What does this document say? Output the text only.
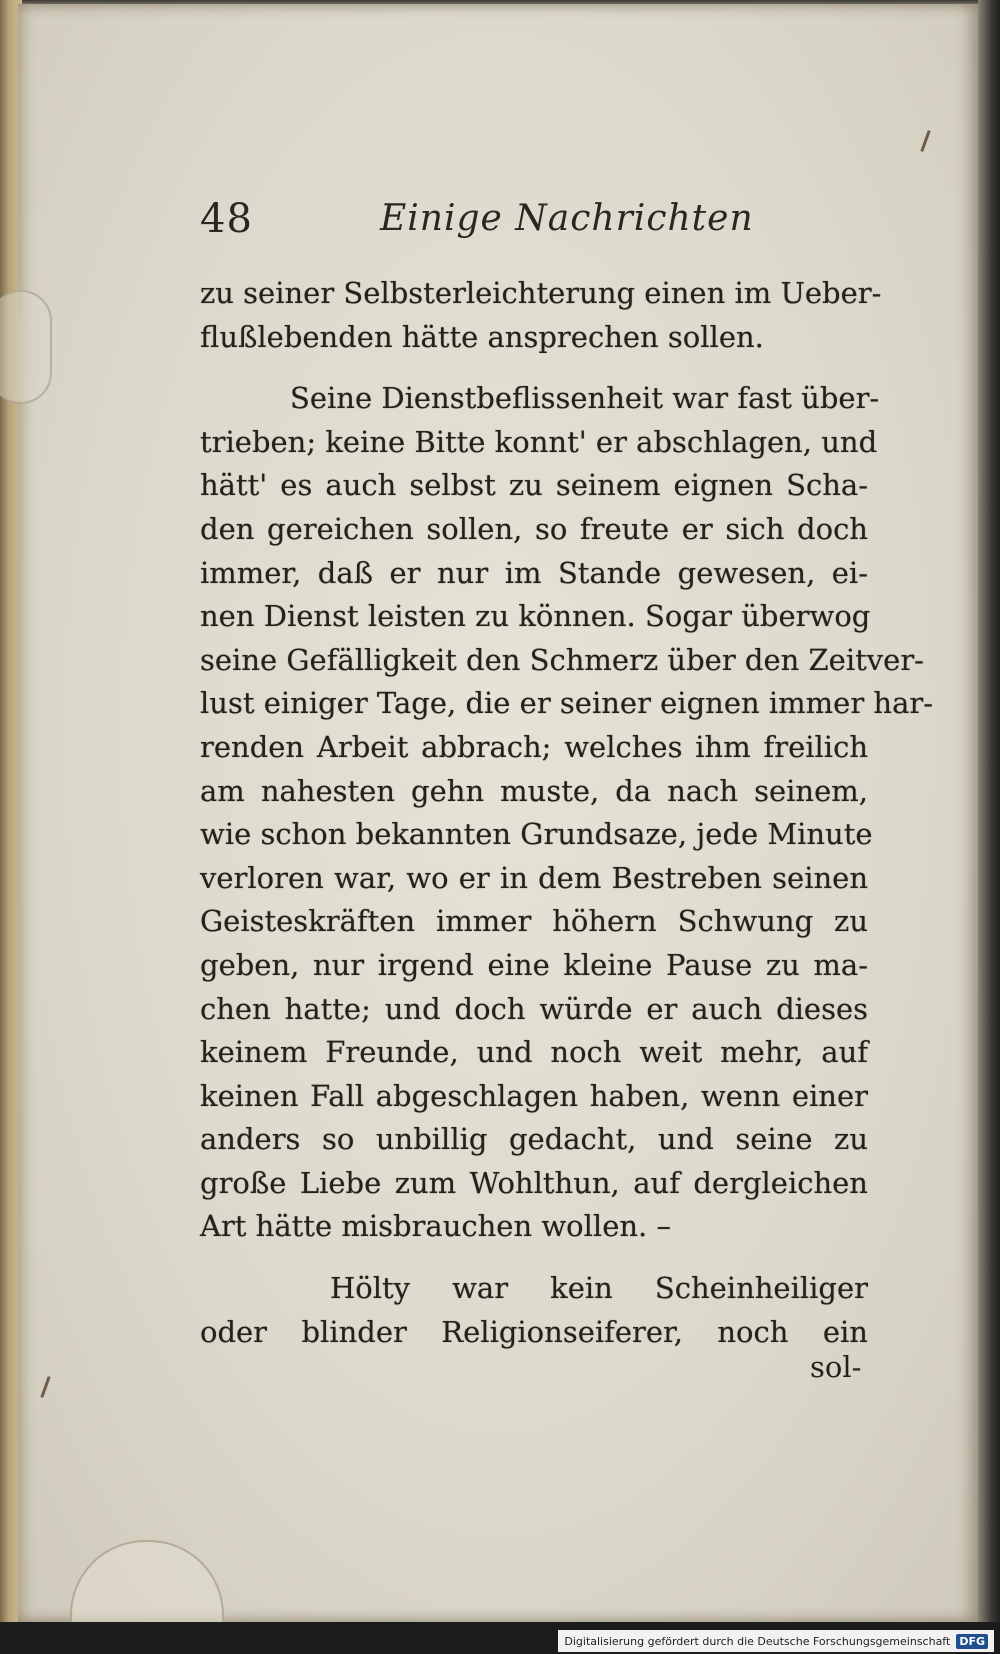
48	Einige Nachrichten
zu seiner Selbsterleichterung einen im Ueber-
flußlebenden hätte ansprechen sollen.
Seine Dienstbeflissenheit war fast über-
trieben; keine Bitte konnt' er abschlagen, und
hätt' es auch selbst zu seinem eignen Scha-
den gereichen sollen, so freute er sich doch
immer, daß er nur im Stande gewesen, ei-
nen Dienst leisten zu können. Sogar überwog
seine Gefälligkeit den Schmerz über den Zeitver-
lust einiger Tage, die er seiner eignen immer har-
renden Arbeit abbrach; welches ihm freilich
am nahesten gehn muste, da nach seinem,
wie schon bekannten Grundsaze, jede Minute
verloren war, wo er in dem Bestreben seinen
Geisteskräften immer höhern Schwung zu
geben, nur irgend eine kleine Pause zu ma-
chen hatte; und doch würde er auch dieses
keinem Freunde, und noch weit mehr, auf
keinen Fall abgeschlagen haben, wenn einer
anders so unbillig gedacht, und seine zu
große Liebe zum Wohlthun, auf dergleichen
Art hätte misbrauchen wollen. –
Hölty war kein Scheinheiliger
oder blinder Religionseiferer, noch ein
sol-
Digitalisierung gefördert durch die Deutsche Forschungsgemeinschaft DFG
